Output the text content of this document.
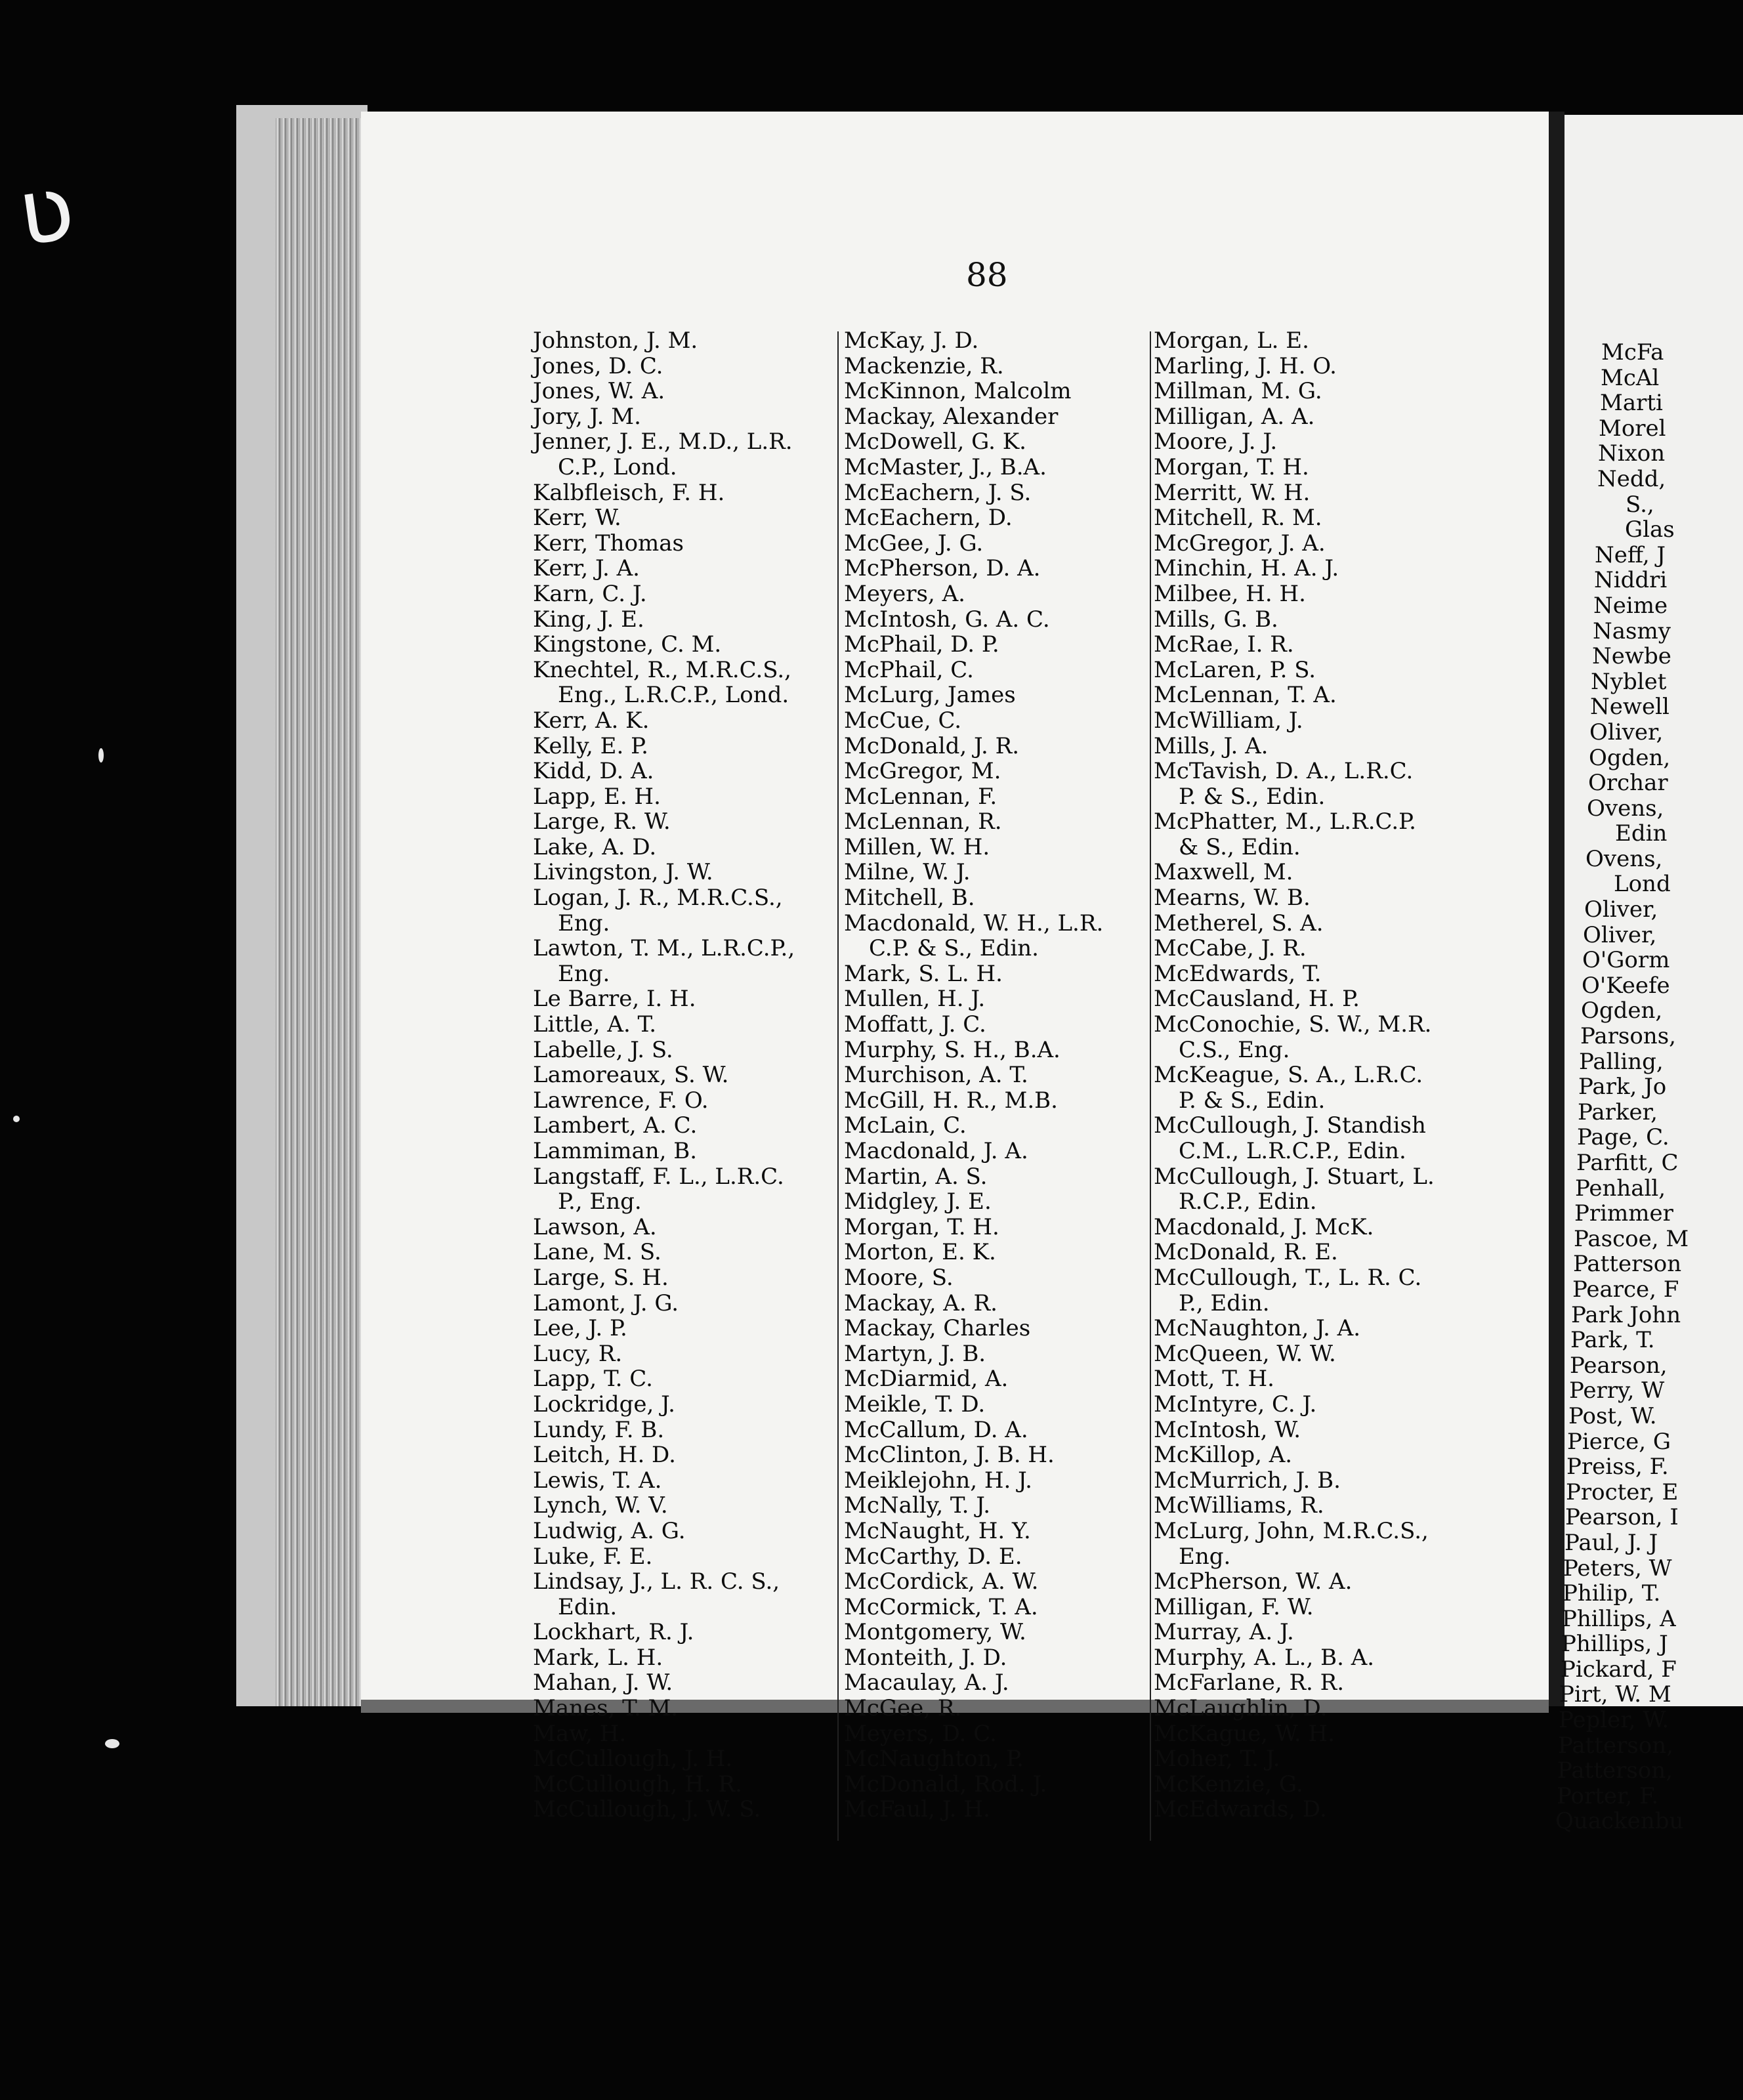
ʋ
88
Johnston, J. M.
Jones, D. C.
Jones, W. A.
Jory, J. M.
Jenner, J. E., M.D., L.R.
C.P., Lond.
Kalbfleisch, F. H.
Kerr, W.
Kerr, Thomas
Kerr, J. A.
Karn, C. J.
King, J. E.
Kingstone, C. M.
Knechtel, R., M.R.C.S.,
Eng., L.R.C.P., Lond.
Kerr, A. K.
Kelly, E. P.
Kidd, D. A.
Lapp, E. H.
Large, R. W.
Lake, A. D.
Livingston, J. W.
Logan, J. R., M.R.C.S.,
Eng.
Lawton, T. M., L.R.C.P.,
Eng.
Le Barre, I. H.
Little, A. T.
Labelle, J. S.
Lamoreaux, S. W.
Lawrence, F. O.
Lambert, A. C.
Lammiman, B.
Langstaff, F. L., L.R.C.
P., Eng.
Lawson, A.
Lane, M. S.
Large, S. H.
Lamont, J. G.
Lee, J. P.
Lucy, R.
Lapp, T. C.
Lockridge, J.
Lundy, F. B.
Leitch, H. D.
Lewis, T. A.
Lynch, W. V.
Ludwig, A. G.
Luke, F. E.
Lindsay, J., L. R. C. S.,
Edin.
Lockhart, R. J.
Mark, L. H.
Mahan, J. W.
Manes, T. M.
Maw, H.
McCullough, J. H.
McCullough, H. R.
McCullough, J. W. S.
McKay, J. D.
Mackenzie, R.
McKinnon, Malcolm
Mackay, Alexander
McDowell, G. K.
McMaster, J., B.A.
McEachern, J. S.
McEachern, D.
McGee, J. G.
McPherson, D. A.
Meyers, A.
McIntosh, G. A. C.
McPhail, D. P.
McPhail, C.
McLurg, James
McCue, C.
McDonald, J. R.
McGregor, M.
McLennan, F.
McLennan, R.
Millen, W. H.
Milne, W. J.
Mitchell, B.
Macdonald, W. H., L.R.
C.P. & S., Edin.
Mark, S. L. H.
Mullen, H. J.
Moffatt, J. C.
Murphy, S. H., B.A.
Murchison, A. T.
McGill, H. R., M.B.
McLain, C.
Macdonald, J. A.
Martin, A. S.
Midgley, J. E.
Morgan, T. H.
Morton, E. K.
Moore, S.
Mackay, A. R.
Mackay, Charles
Martyn, J. B.
McDiarmid, A.
Meikle, T. D.
McCallum, D. A.
McClinton, J. B. H.
Meiklejohn, H. J.
McNally, T. J.
McNaught, H. Y.
McCarthy, D. E.
McCordick, A. W.
McCormick, T. A.
Montgomery, W.
Monteith, J. D.
Macaulay, A. J.
McGee, R.
Meyers, D. C.
McNaughton, P.
McDonald, Rod. J.
McFaul, J. H.
Morgan, L. E.
Marling, J. H. O.
Millman, M. G.
Milligan, A. A.
Moore, J. J.
Morgan, T. H.
Merritt, W. H.
Mitchell, R. M.
McGregor, J. A.
Minchin, H. A. J.
Milbee, H. H.
Mills, G. B.
McRae, I. R.
McLaren, P. S.
McLennan, T. A.
McWilliam, J.
Mills, J. A.
McTavish, D. A., L.R.C.
P. & S., Edin.
McPhatter, M., L.R.C.P.
& S., Edin.
Maxwell, M.
Mearns, W. B.
Metherel, S. A.
McCabe, J. R.
McEdwards, T.
McCausland, H. P.
McConochie, S. W., M.R.
C.S., Eng.
McKeague, S. A., L.R.C.
P. & S., Edin.
McCullough, J. Standish
C.M., L.R.C.P., Edin.
McCullough, J. Stuart, L.
R.C.P., Edin.
Macdonald, J. McK.
McDonald, R. E.
McCullough, T., L. R. C.
P., Edin.
McNaughton, J. A.
McQueen, W. W.
Mott, T. H.
McIntyre, C. J.
McIntosh, W.
McKillop, A.
McMurrich, J. B.
McWilliams, R.
McLurg, John, M.R.C.S.,
Eng.
McPherson, W. A.
Milligan, F. W.
Murray, A. J.
Murphy, A. L., B. A.
McFarlane, R. R.
McLaughlin, D.
McKague, W. H.
Moher, T. J.
McKenzie, G.
McEdwards, D.
McFa
McAl
Marti
Morel
Nixon
Nedd,
S.,
Glas
Neff, J
Niddri
Neime
Nasmy
Newbe
Nyblet
Newell
Oliver,
Ogden,
Orchar
Ovens,
Edin
Ovens,
Lond
Oliver,
Oliver,
O'Gorm
O'Keefe
Ogden,
Parsons,
Palling,
Park, Jo
Parker,
Page, C.
Parfitt, C
Penhall,
Primmer
Pascoe, M
Patterson
Pearce, F
Park John
Park, T.
Pearson,
Perry, W
Post, W.
Pierce, G
Preiss, F.
Procter, E
Pearson, I
Paul, J. J
Peters, W
Philip, T.
Phillips, A
Phillips, J
Pickard, F
Pirt, W. M
Pepler, W.
Patterson,
Patterson,
Porter, F.
Quackenbu
